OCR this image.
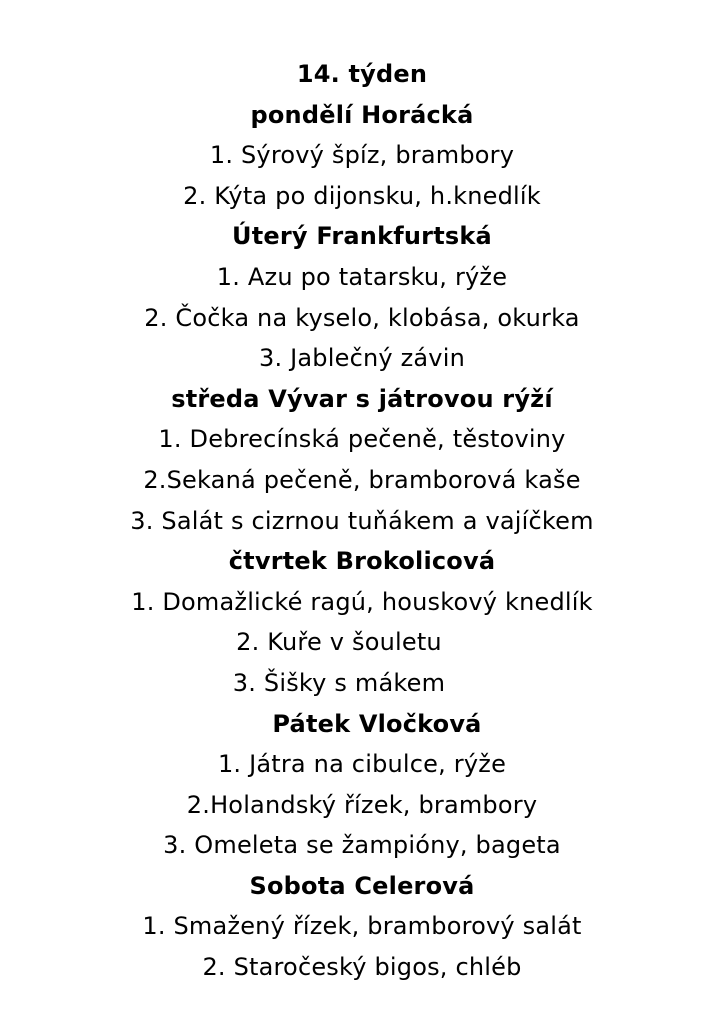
14. týden
pondělí Horácká
1. Sýrový špíz, brambory
2. Kýta po dijonsku, h.knedlík
Úterý Frankfurtská
1. Azu po tatarsku, rýže
2. Čočka na kyselo, klobása, okurka
3. Jablečný závin
středa Vývar s játrovou rýží
1. Debrecínská pečeně, těstoviny
2.Sekaná pečeně, bramborová kaše
3. Salát s cizrnou tuňákem a vajíčkem
čtvrtek Brokolicová
1. Domažlické ragú, houskový knedlík
2. Kuře v šouletu
3. Šišky s mákem
Pátek Vločková
1. Játra na cibulce, rýže
2.Holandský řízek, brambory
3. Omeleta se žampióny, bageta
Sobota Celerová
1. Smažený řízek, bramborový salát
2. Staročeský bigos, chléb
